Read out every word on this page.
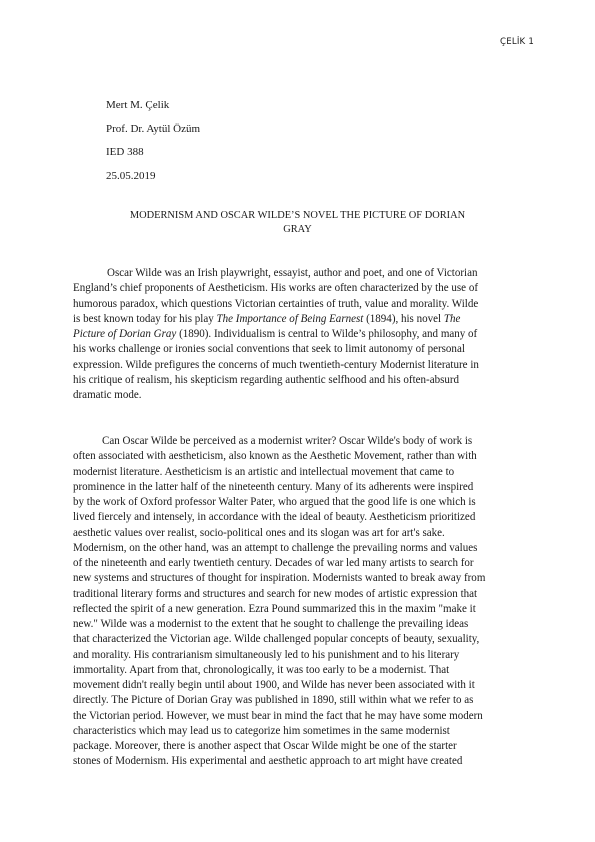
ÇELİK 1
Mert M. Çelik
Prof. Dr. Aytül Özüm
IED 388
25.05.2019
MODERNISM AND OSCAR WILDE’S NOVEL THE PICTURE OF DORIAN
GRAY
Oscar Wilde was an Irish playwright, essayist, author and poet, and one of Victorian
England’s chief proponents of Aestheticism. His works are often characterized by the use of
humorous paradox, which questions Victorian certainties of truth, value and morality. Wilde
is best known today for his play The Importance of Being Earnest (1894), his novel The
Picture of Dorian Gray (1890). Individualism is central to Wilde’s philosophy, and many of
his works challenge or ironies social conventions that seek to limit autonomy of personal
expression. Wilde prefigures the concerns of much twentieth-century Modernist literature in
his critique of realism, his skepticism regarding authentic selfhood and his often-absurd
dramatic mode.
Can Oscar Wilde be perceived as a modernist writer? Oscar Wilde's body of work is
often associated with aestheticism, also known as the Aesthetic Movement, rather than with
modernist literature. Aestheticism is an artistic and intellectual movement that came to
prominence in the latter half of the nineteenth century. Many of its adherents were inspired
by the work of Oxford professor Walter Pater, who argued that the good life is one which is
lived fiercely and intensely, in accordance with the ideal of beauty. Aestheticism prioritized
aesthetic values over realist, socio-political ones and its slogan was art for art's sake.
Modernism, on the other hand, was an attempt to challenge the prevailing norms and values
of the nineteenth and early twentieth century. Decades of war led many artists to search for
new systems and structures of thought for inspiration. Modernists wanted to break away from
traditional literary forms and structures and search for new modes of artistic expression that
reflected the spirit of a new generation. Ezra Pound summarized this in the maxim "make it
new." Wilde was a modernist to the extent that he sought to challenge the prevailing ideas
that characterized the Victorian age. Wilde challenged popular concepts of beauty, sexuality,
and morality. His contrarianism simultaneously led to his punishment and to his literary
immortality. Apart from that, chronologically, it was too early to be a modernist. That
movement didn't really begin until about 1900, and Wilde has never been associated with it
directly. The Picture of Dorian Gray was published in 1890, still within what we refer to as
the Victorian period. However, we must bear in mind the fact that he may have some modern
characteristics which may lead us to categorize him sometimes in the same modernist
package. Moreover, there is another aspect that Oscar Wilde might be one of the starter
stones of Modernism. His experimental and aesthetic approach to art might have created
